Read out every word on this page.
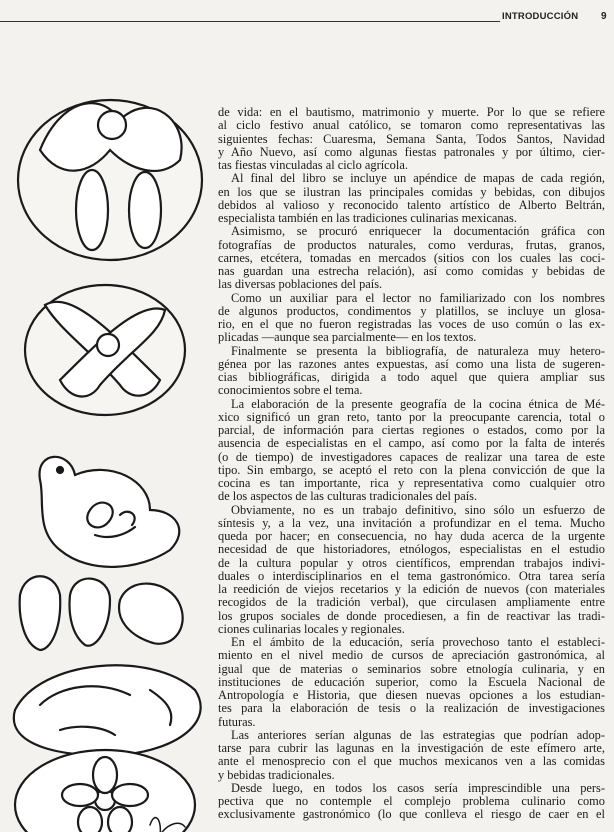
INTRODUCCIÓN 9
de vida: en el bautismo, matrimonio y muerte. Por lo que se refiere
al ciclo festivo anual católico, se tomaron como representativas las
siguientes fechas: Cuaresma, Semana Santa, Todos Santos, Navidad
y Año Nuevo, así como algunas fiestas patronales y por último, cier-
tas fiestas vinculadas al ciclo agrícola.
Al final del libro se incluye un apéndice de mapas de cada región,
en los que se ilustran las principales comidas y bebidas, con dibujos
debidos al valioso y reconocido talento artístico de Alberto Beltrán,
especialista también en las tradiciones culinarias mexicanas.
Asimismo, se procuró enriquecer la documentación gráfica con
fotografías de productos naturales, como verduras, frutas, granos,
carnes, etcétera, tomadas en mercados (sitios con los cuales las coci-
nas guardan una estrecha relación), así como comidas y bebidas de
las diversas poblaciones del país.
Como un auxiliar para el lector no familiarizado con los nombres
de algunos productos, condimentos y platillos, se incluye un glosa-
rio, en el que no fueron registradas las voces de uso común o las ex-
plicadas —aunque sea parcialmente— en los textos.
Finalmente se presenta la bibliografía, de naturaleza muy hetero-
génea por las razones antes expuestas, así como una lista de sugeren-
cias bibliográficas, dirigida a todo aquel que quiera ampliar sus
conocimientos sobre el tema.
La elaboración de la presente geografía de la cocina étnica de Mé-
xico significó un gran reto, tanto por la preocupante carencia, total o
parcial, de información para ciertas regiones o estados, como por la
ausencia de especialistas en el campo, así como por la falta de interés
(o de tiempo) de investigadores capaces de realizar una tarea de este
tipo. Sin embargo, se aceptó el reto con la plena convicción de que la
cocina es tan importante, rica y representativa como cualquier otro
de los aspectos de las culturas tradicionales del país.
Obviamente, no es un trabajo definitivo, sino sólo un esfuerzo de
síntesis y, a la vez, una invitación a profundizar en el tema. Mucho
queda por hacer; en consecuencia, no hay duda acerca de la urgente
necesidad de que historiadores, etnólogos, especialistas en el estudio
de la cultura popular y otros científicos, emprendan trabajos indivi-
duales o interdisciplinarios en el tema gastronómico. Otra tarea sería
la reedición de viejos recetarios y la edición de nuevos (con materiales
recogidos de la tradición verbal), que circulasen ampliamente entre
los grupos sociales de donde procediesen, a fin de reactivar las tradi-
ciones culinarias locales y regionales.
En el ámbito de la educación, sería provechoso tanto el estableci-
miento en el nivel medio de cursos de apreciación gastronómica, al
igual que de materias o seminarios sobre etnología culinaria, y en
instituciones de educación superior, como la Escuela Nacional de
Antropología e Historia, que diesen nuevas opciones a los estudian-
tes para la elaboración de tesis o la realización de investigaciones
futuras.
Las anteriores serían algunas de las estrategias que podrían adop-
tarse para cubrir las lagunas en la investigación de este efímero arte,
ante el menosprecio con el que muchos mexicanos ven a las comidas
y bebidas tradicionales.
Desde luego, en todos los casos sería imprescindible una pers-
pectiva que no contemple el complejo problema culinario como
exclusivamente gastronómico (lo que conlleva el riesgo de caer en el
